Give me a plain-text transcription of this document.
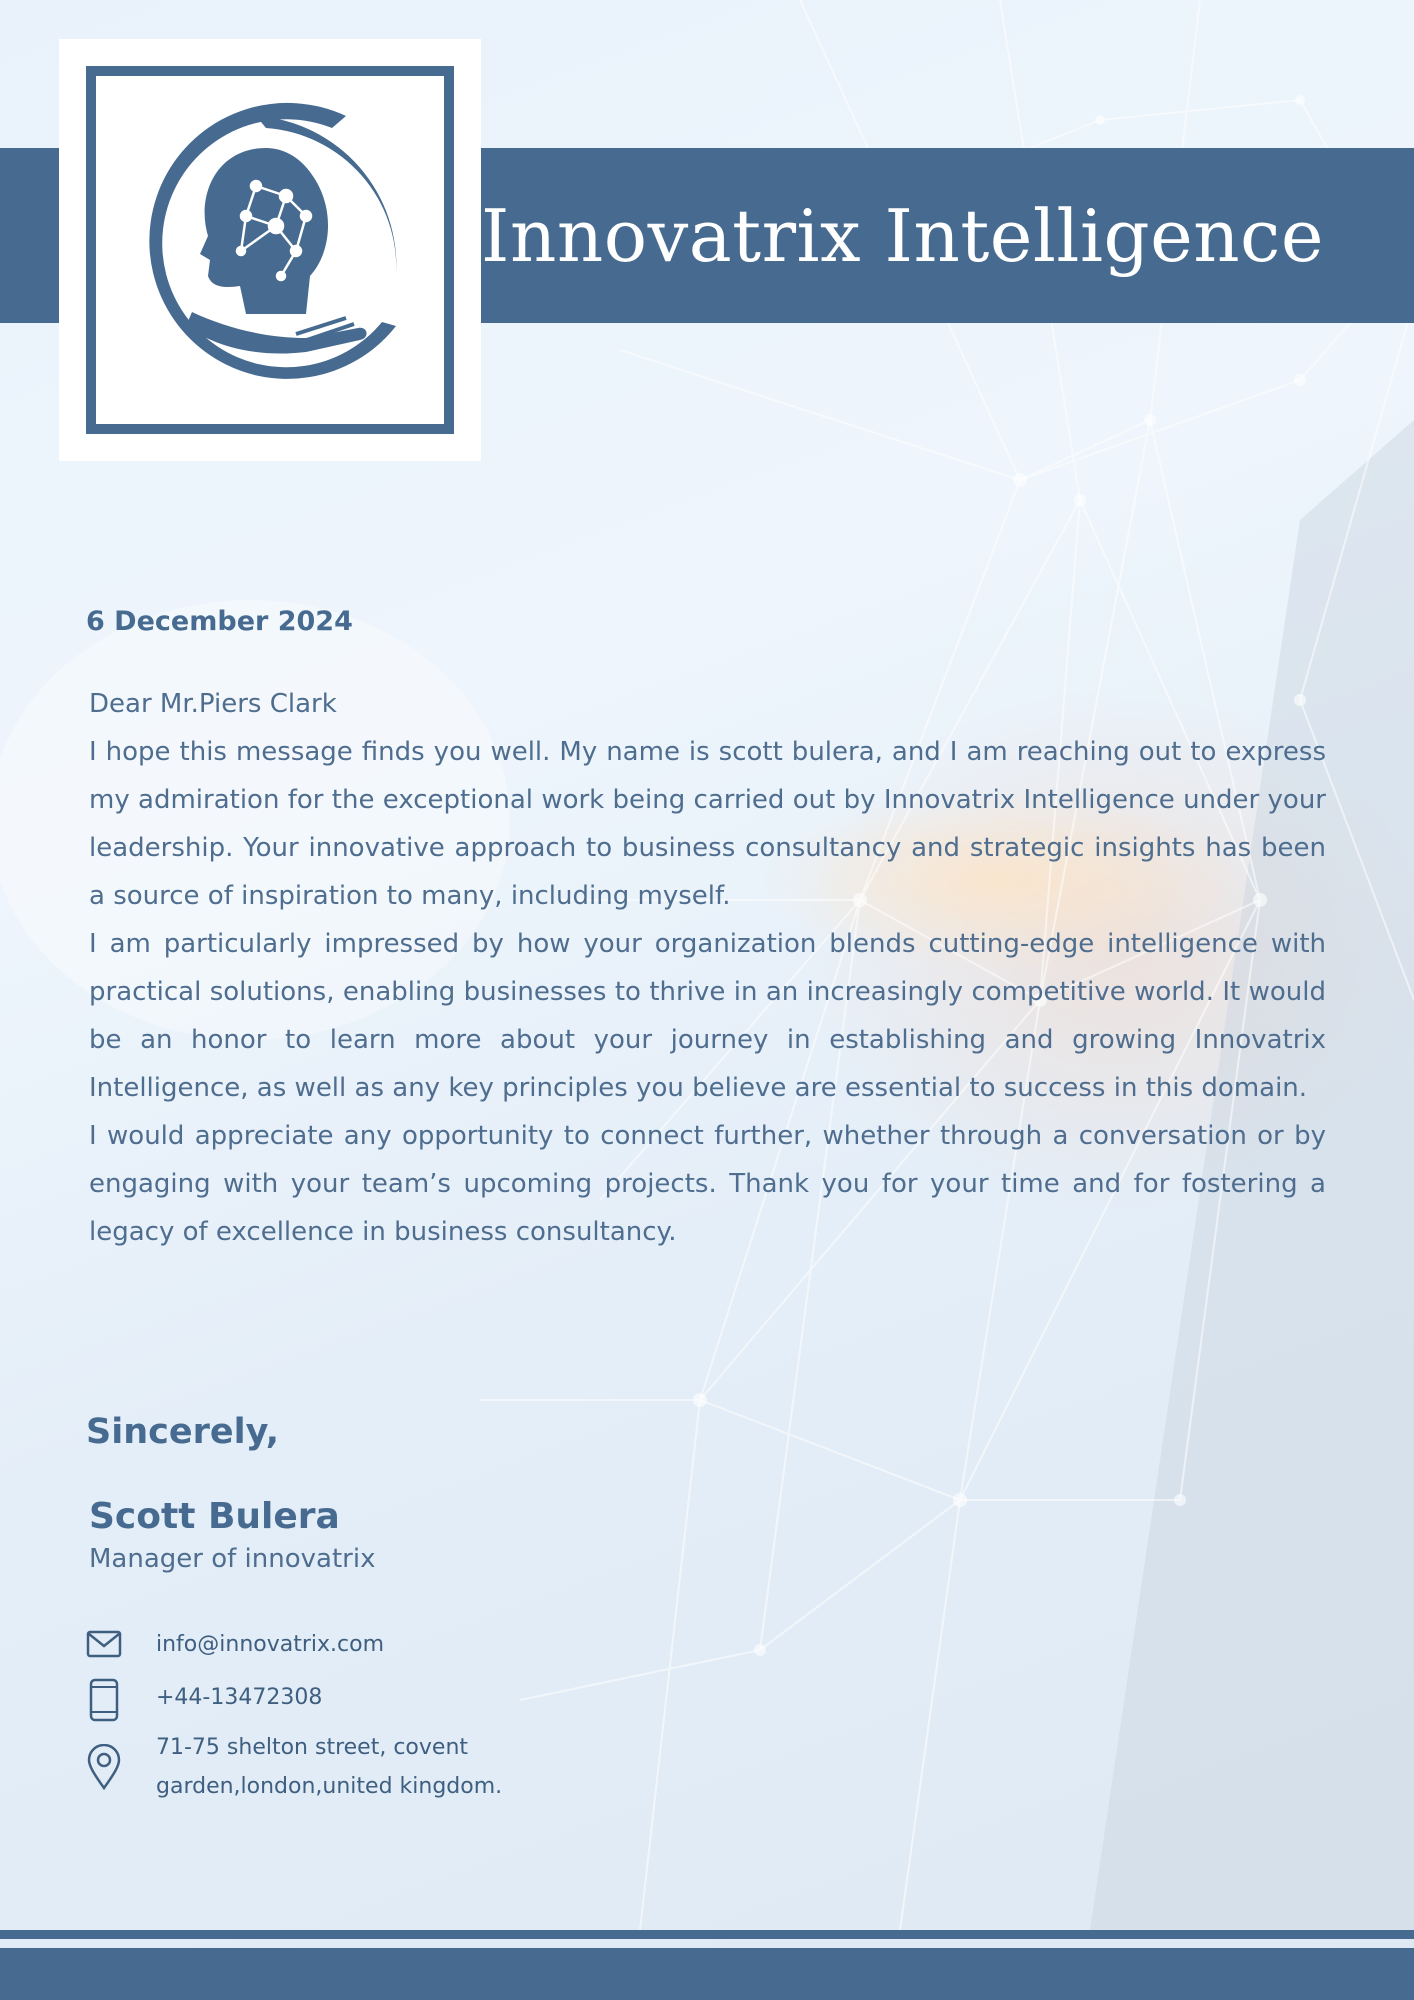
Innovatrix Intelligence
6 December 2024

Dear Mr.Piers Clark

I hope this message finds you well. My name is scott bulera, and I am reaching out to express my admiration for the exceptional work being carried out by Innovatrix Intelligence under your leadership. Your innovative approach to business consultancy and strategic insights has been a source of inspiration to many, including myself.

I am particularly impressed by how your organization blends cutting-edge intelligence with practical solutions, enabling businesses to thrive in an increasingly competitive world. It would be an honor to learn more about your journey in establishing and growing Innovatrix Intelligence, as well as any key principles you believe are essential to success in this domain.

I would appreciate any opportunity to connect further, whether through a conversation or by engaging with your team’s upcoming projects. Thank you for your time and for fostering a legacy of excellence in business consultancy.

Sincerely,
Scott Bulera
Manager of innovatrix
info@innovatrix.com
+44-13472308
71-75 shelton street, covent
garden,london,united kingdom.
